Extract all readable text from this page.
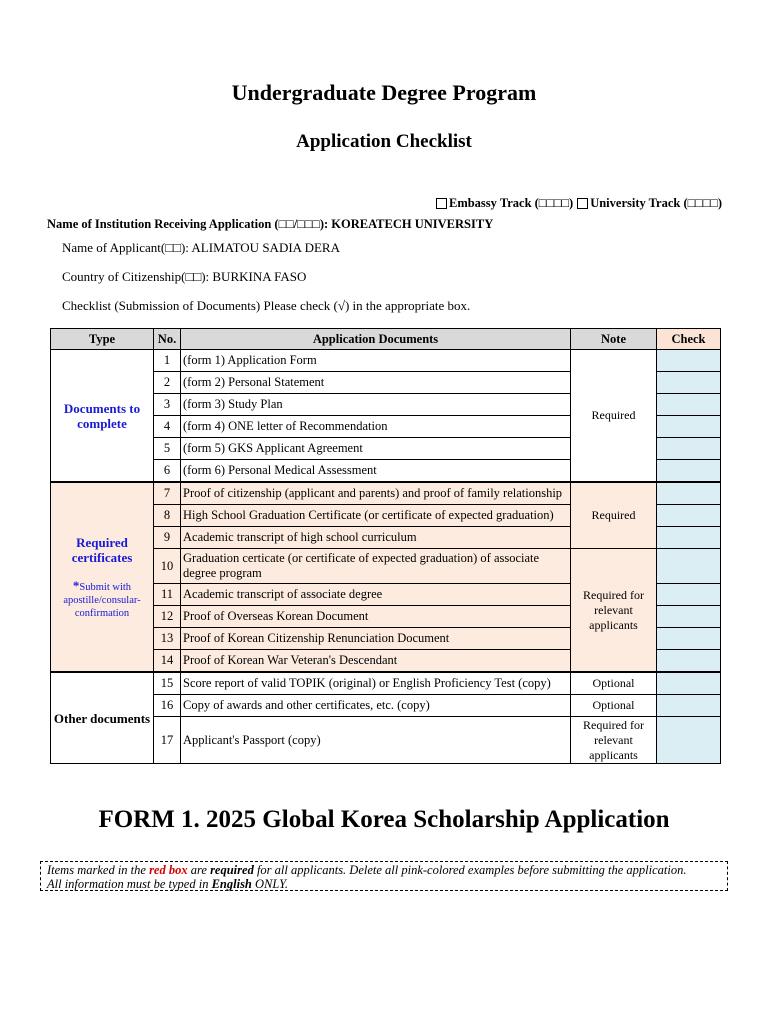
Undergraduate Degree Program
Application Checklist
Embassy Track (□□□□) University Track (□□□□)
Name of Institution Receiving Application (□□/□□□): KOREATECH UNIVERSITY
Name of Applicant(□□): ALIMATOU SADIA DERA
Country of Citizenship(□□): BURKINA FASO
Checklist (Submission of Documents) Please check (√) in the appropriate box.
Type	No.	Application Documents	Note	Check
Documents to complete	1	(form 1) Application Form	Required	
	2	(form 2) Personal Statement		
	3	(form 3) Study Plan		
	4	(form 4) ONE letter of Recommendation		
	5	(form 5) GKS Applicant Agreement		
	6	(form 6) Personal Medical Assessment		

Required certificates
*Submit with apostille/consular-confirmation	7	Proof of citizenship (applicant and parents) and proof of family relationship	Required	
	8	High School Graduation Certificate (or certificate of expected graduation)		
	9	Academic transcript of high school curriculum		
	10	Graduation certicate (or certificate of expected graduation) of associate degree program	Required for relevant applicants	
	11	Academic transcript of associate degree		
	12	Proof of Overseas Korean Document		
	13	Proof of Korean Citizenship Renunciation Document		
	14	Proof of Korean War Veteran's Descendant		
Other documents	15	Score report of valid TOPIK (original) or English Proficiency Test (copy)	Optional	
	16	Copy of awards and other certificates, etc. (copy)	Optional	
	17	Applicant's Passport (copy)	Required for relevant applicants	
FORM 1. 2025 Global Korea Scholarship Application
Items marked in the red box are required for all applicants. Delete all pink-colored examples before submitting the application.
All information must be typed in English ONLY.
